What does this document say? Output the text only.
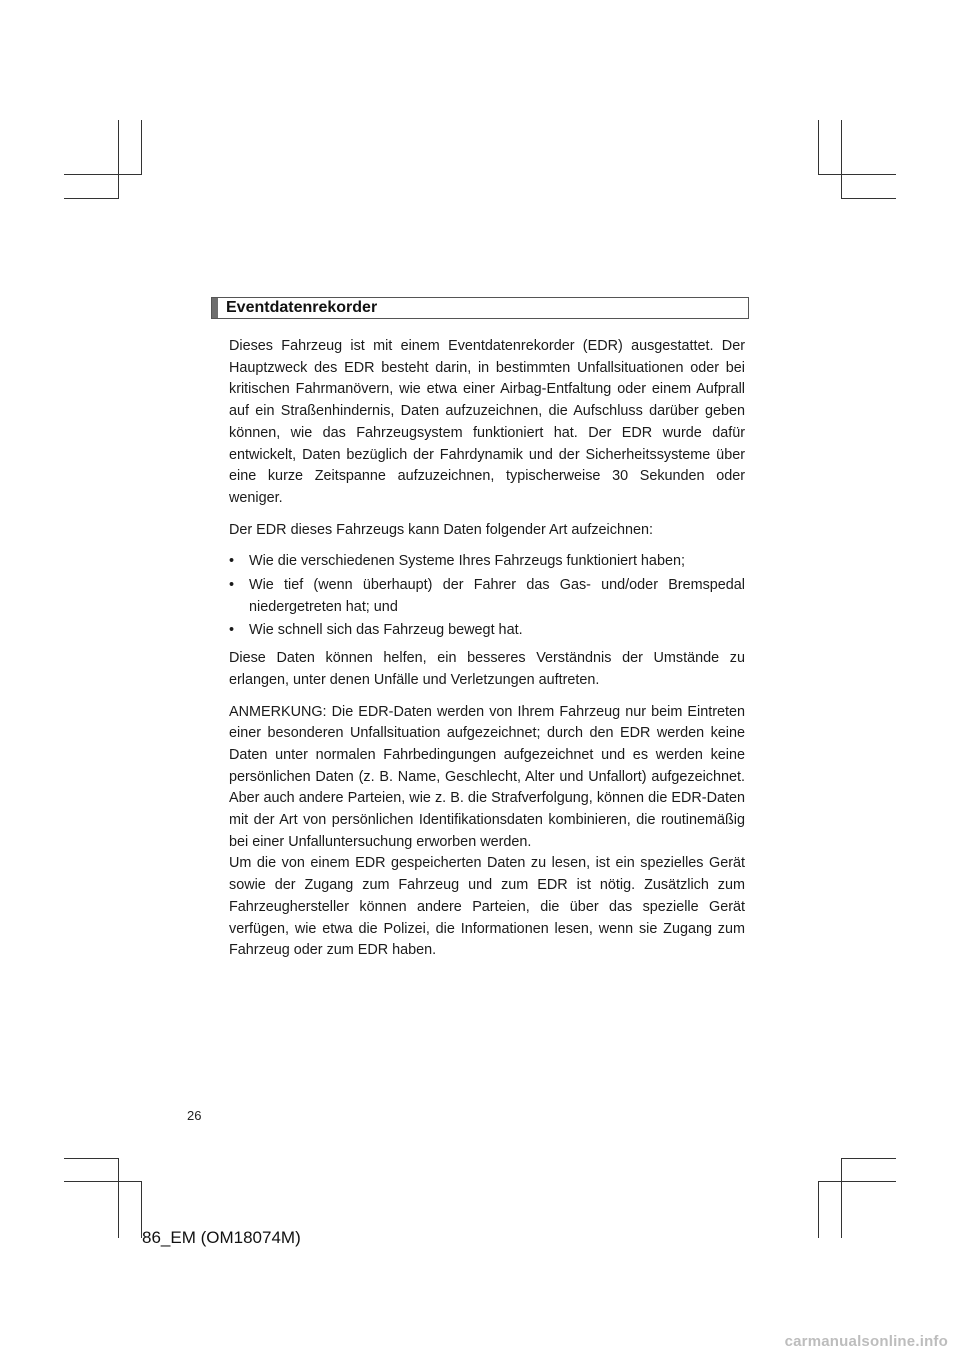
Eventdatenrekorder

Dieses Fahrzeug ist mit einem Eventdatenrekorder (EDR) ausgestattet. Der Hauptzweck des EDR besteht darin, in bestimmten Unfallsituationen oder bei kritischen Fahrmanövern, wie etwa einer Airbag-Entfaltung oder einem Aufprall auf ein Straßenhindernis, Daten aufzuzeichnen, die Aufschluss darüber geben können, wie das Fahrzeugsystem funktioniert hat. Der EDR wurde dafür entwickelt, Daten bezüglich der Fahrdynamik und der Sicherheitssysteme über eine kurze Zeitspanne aufzuzeichnen, typischerweise 30 Sekunden oder weniger.

Der EDR dieses Fahrzeugs kann Daten folgender Art aufzeichnen:

• Wie die verschiedenen Systeme Ihres Fahrzeugs funktioniert haben;
• Wie tief (wenn überhaupt) der Fahrer das Gas- und/oder Bremspedal niedergetreten hat; und
• Wie schnell sich das Fahrzeug bewegt hat.

Diese Daten können helfen, ein besseres Verständnis der Umstände zu erlangen, unter denen Unfälle und Verletzungen auftreten.

ANMERKUNG: Die EDR-Daten werden von Ihrem Fahrzeug nur beim Eintreten einer besonderen Unfallsituation aufgezeichnet; durch den EDR werden keine Daten unter normalen Fahrbedingungen aufgezeichnet und es werden keine persönlichen Daten (z. B. Name, Geschlecht, Alter und Unfallort) aufgezeichnet. Aber auch andere Parteien, wie z. B. die Strafverfolgung, können die EDR-Daten mit der Art von persönlichen Identifikationsdaten kombinieren, die routinemäßig bei einer Unfalluntersuchung erworben werden.

Um die von einem EDR gespeicherten Daten zu lesen, ist ein spezielles Gerät sowie der Zugang zum Fahrzeug und zum EDR ist nötig. Zusätzlich zum Fahrzeughersteller können andere Parteien, die über das spezielle Gerät verfügen, wie etwa die Polizei, die Informationen lesen, wenn sie Zugang zum Fahrzeug oder zum EDR haben.

26
86_EM (OM18074M)
carmanualsonline.info
